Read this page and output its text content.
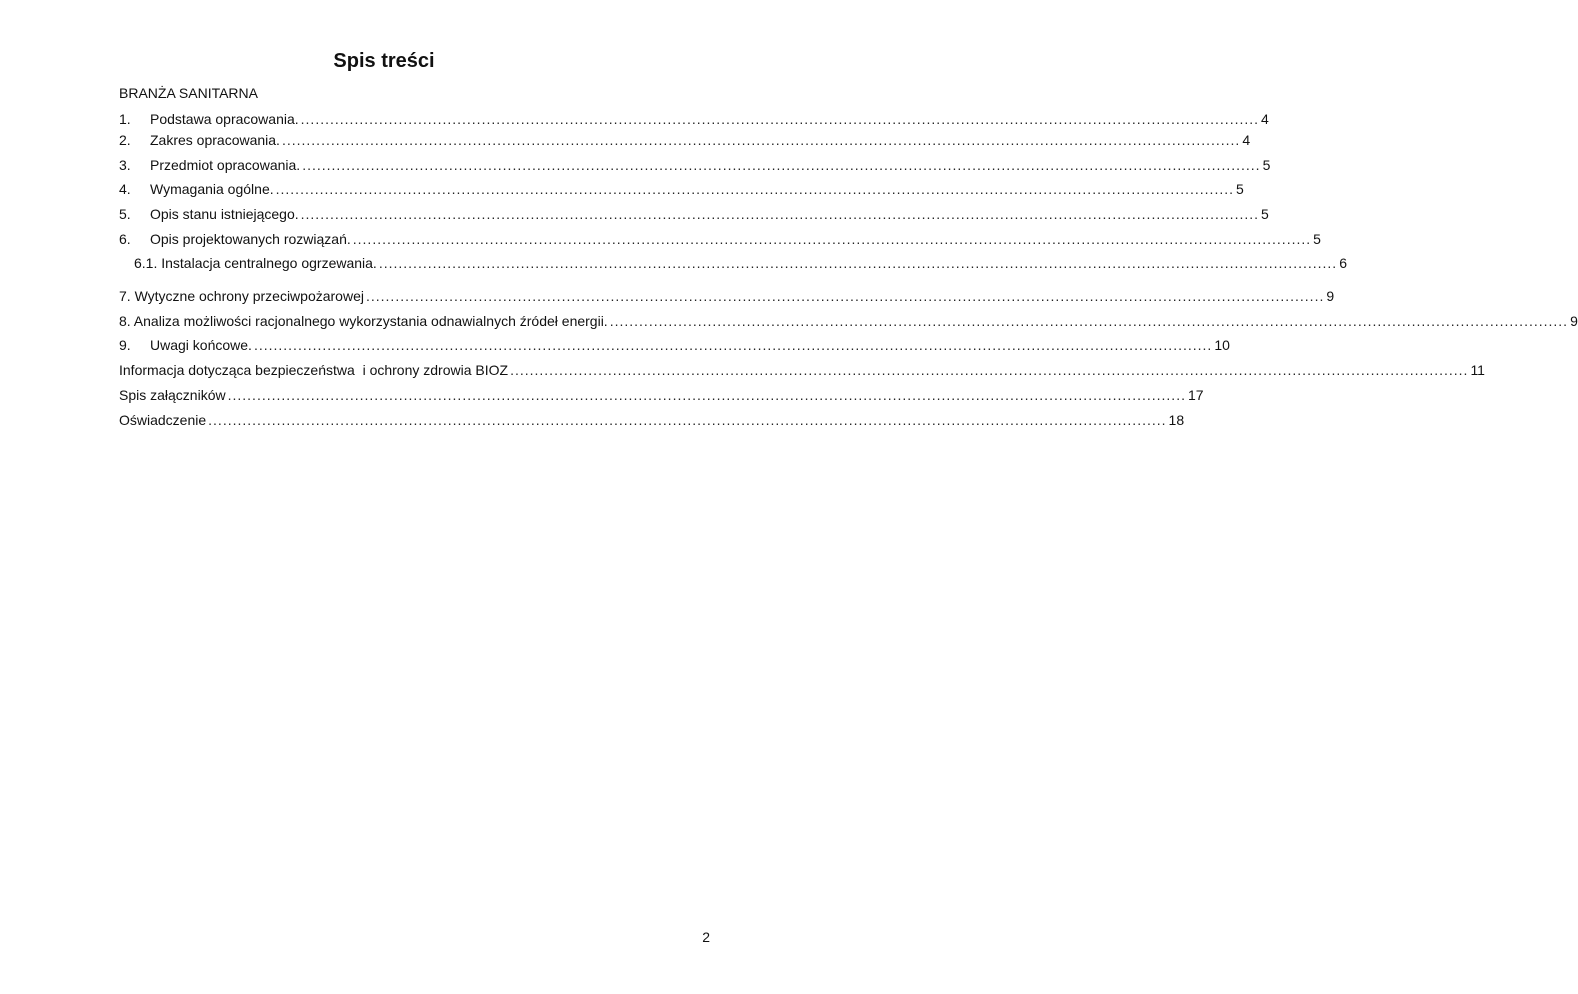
Spis treści
BRANŻA SANITARNA
1.	Podstawa opracowania. .................................................................................................................................................................................................... 4
2.	Zakres opracowania. .................................................................................................................................................................................................... 4
3.	Przedmiot opracowania. .................................................................................................................................................................................................... 5
4.	Wymagania ogólne. .................................................................................................................................................................................................... 5
5.	Opis stanu istniejącego. .................................................................................................................................................................................................... 5
6.	Opis projektowanych rozwiązań. .................................................................................................................................................................................................... 5
6.1. Instalacja centralnego ogrzewania. .................................................................................................................................................................................................... 6
7. Wytyczne ochrony przeciwpożarowej .................................................................................................................................................................................................... 9
8. Analiza możliwości racjonalnego wykorzystania odnawialnych źródeł energii. .................................................................................................................................................................................................... 9
9.	Uwagi końcowe. .................................................................................................................................................................................................... 10
Informacja dotycząca bezpieczeństwa  i ochrony zdrowia BIOZ .................................................................................................................................................................................................... 11
Spis załączników .................................................................................................................................................................................................... 17
Oświadczenie .................................................................................................................................................................................................... 18
2
